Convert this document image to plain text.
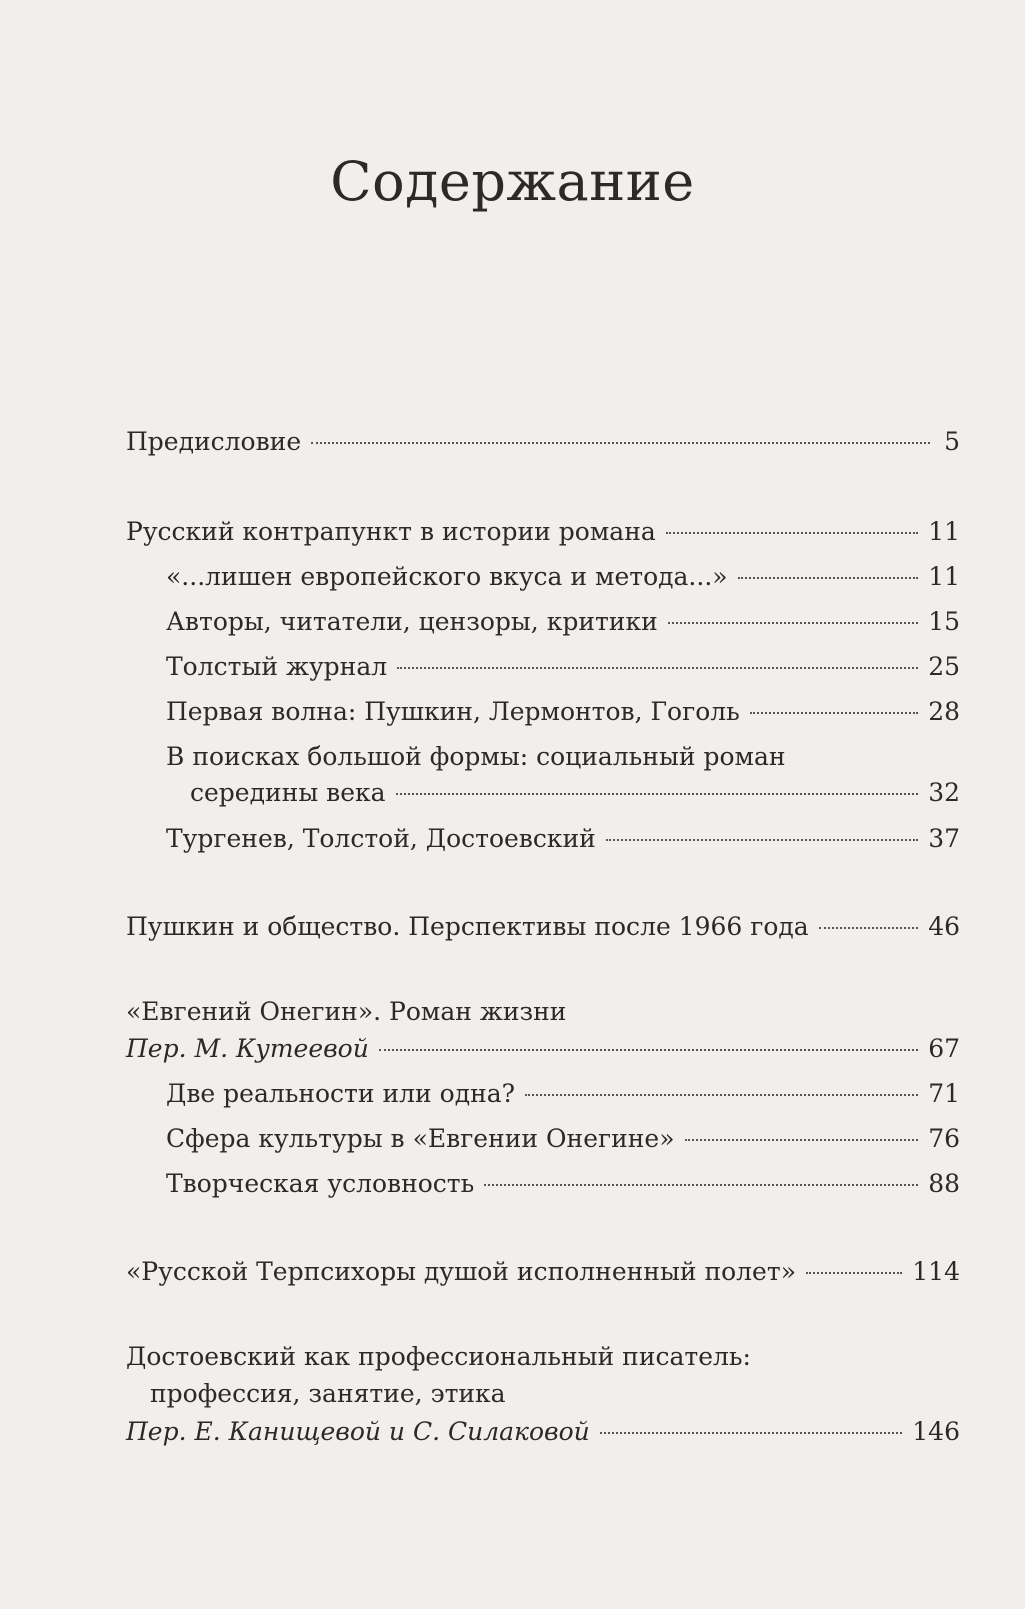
Содержание
Предисловие	5
Русский контрапункт в истории романа	11
«...лишен европейского вкуса и метода...»	11
Авторы, читатели, цензоры, критики	15
Толстый журнал	25
Первая волна: Пушкин, Лермонтов, Гоголь	28
В поисках большой формы: социальный роман
середины века	32
Тургенев, Толстой, Достоевский	37
Пушкин и общество. Перспективы после 1966 года	46
«Евгений Онегин». Роман жизни
Пер. М. Кутеевой	67
Две реальности или одна?	71
Сфера культуры в «Евгении Онегине»	76
Творческая условность	88
«Русской Терпсихоры душой исполненный полет»	114
Достоевский как профессиональный писатель:
профессия, занятие, этика
Пер. Е. Канищевой и С. Силаковой	146
